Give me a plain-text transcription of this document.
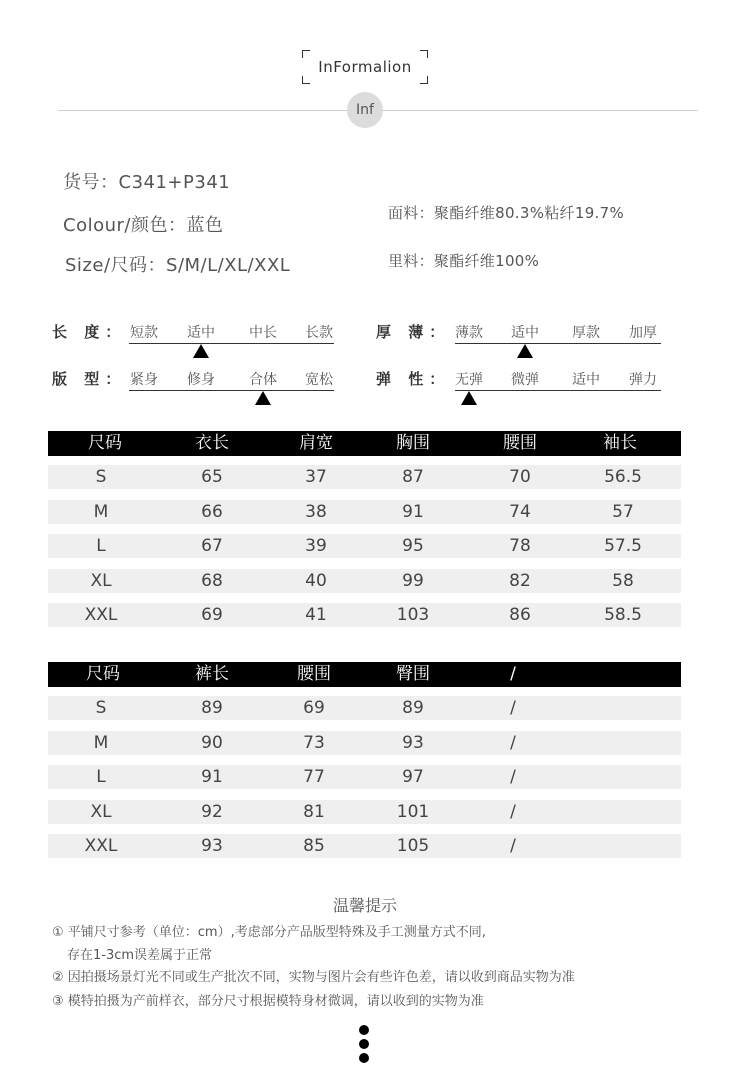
InFormalion
Inf
货号：C341+P341
Colour/颜色：蓝色
Size/尺码：S/M/L/XL/XXL
面料：聚酯纤维80.3%粘纤19.7%
里料：聚酯纤维100%
长 度： 短款 适中 中长 长款
版 型： 紧身 修身 合体 宽松
厚 薄： 薄款 适中 厚款 加厚
弹 性： 无弹 微弹 适中 弹力
尺码	衣长	肩宽	胸围	腰围	袖长
S	65	37	87	70	56.5
M	66	38	91	74	57
L	67	39	95	78	57.5
XL	68	40	99	82	58
XXL	69	41	103	86	58.5
尺码	裤长	腰围	臀围	/
S	89	69	89	/
M	90	73	93	/
L	91	77	97	/
XL	92	81	101	/
XXL	93	85	105	/
温馨提示
① 平铺尺寸参考（单位：cm）,考虑部分产品版型特殊及手工测量方式不同,
存在1-3cm误差属于正常
② 因拍摄场景灯光不同或生产批次不同，实物与图片会有些许色差，请以收到商品实物为准
③ 模特拍摄为产前样衣，部分尺寸根据模特身材微调，请以收到的实物为准
